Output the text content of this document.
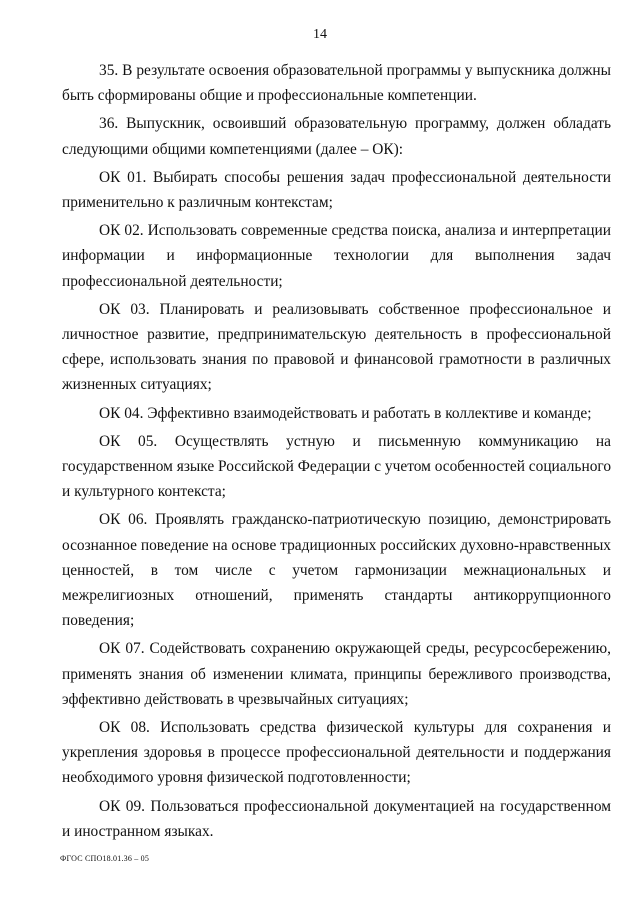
14

35. В результате освоения образовательной программы у выпускника должны быть сформированы общие и профессиональные компетенции.

36. Выпускник, освоивший образовательную программу, должен обладать следующими общими компетенциями (далее – ОК):

ОК 01. Выбирать способы решения задач профессиональной деятельности применительно к различным контекстам;

ОК 02. Использовать современные средства поиска, анализа и интерпретации информации и информационные технологии для выполнения задач профессиональной деятельности;

ОК 03. Планировать и реализовывать собственное профессиональное и личностное развитие, предпринимательскую деятельность в профессиональной сфере, использовать знания по правовой и финансовой грамотности в различных жизненных ситуациях;

ОК 04. Эффективно взаимодействовать и работать в коллективе и команде;

ОК 05. Осуществлять устную и письменную коммуникацию на государственном языке Российской Федерации с учетом особенностей социального и культурного контекста;

ОК 06. Проявлять гражданско-патриотическую позицию, демонстрировать осознанное поведение на основе традиционных российских духовно-нравственных ценностей, в том числе с учетом гармонизации межнациональных и межрелигиозных отношений, применять стандарты антикоррупционного поведения;

ОК 07. Содействовать сохранению окружающей среды, ресурсосбережению, применять знания об изменении климата, принципы бережливого производства, эффективно действовать в чрезвычайных ситуациях;

ОК 08. Использовать средства физической культуры для сохранения и укрепления здоровья в процессе профессиональной деятельности и поддержания необходимого уровня физической подготовленности;

ОК 09. Пользоваться профессиональной документацией на государственном и иностранном языках.

ФГОС СПО18.01.36 – 05
